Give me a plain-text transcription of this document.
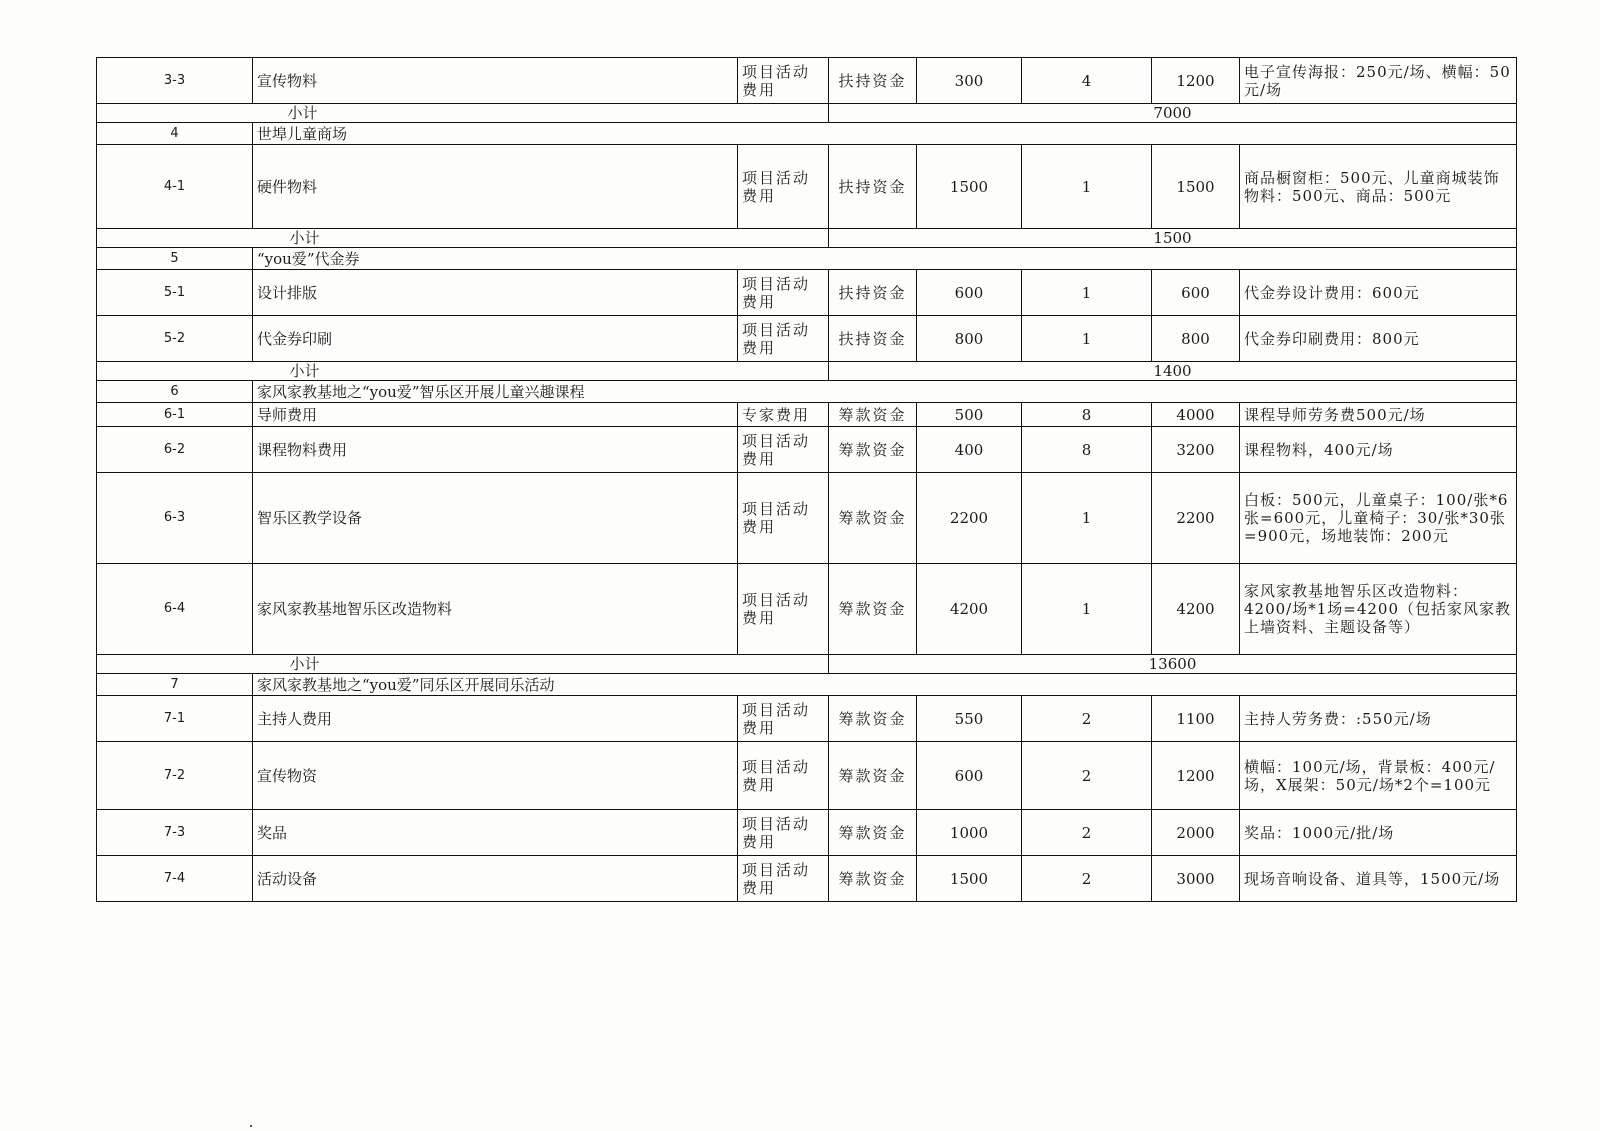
3-3	宣传物料	项目活动费用	扶持资金	300	4	1200	电子宣传海报：250元/场、横幅：50元/场
小计			7000				
4	世埠儿童商场						
4-1	硬件物料	项目活动费用	扶持资金	1500	1	1500	商品橱窗柜：500元、儿童商城装饰物料：500元、商品：500元
小计			1500				
5	“you爱”代金券						
5-1	设计排版	项目活动费用	扶持资金	600	1	600	代金券设计费用：600元
5-2	代金券印刷	项目活动费用	扶持资金	800	1	800	代金券印刷费用：800元
小计			1400				
6	家风家教基地之“you爱”智乐区开展儿童兴趣课程						
6-1	导师费用	专家费用	筹款资金	500	8	4000	课程导师劳务费500元/场
6-2	课程物料费用	项目活动费用	筹款资金	400	8	3200	课程物料，400元/场
6-3	智乐区教学设备	项目活动费用	筹款资金	2200	1	2200	白板：500元，儿童桌子：100/张*6张=600元，儿童椅子：30/张*30张=900元，场地装饰：200元
6-4	家风家教基地智乐区改造物料	项目活动费用	筹款资金	4200	1	4200	家风家教基地智乐区改造物料：4200/场*1场=4200（包括家风家教上墙资料、主题设备等）
小计			13600				
7	家风家教基地之“you爱”同乐区开展同乐活动						
7-1	主持人费用	项目活动费用	筹款资金	550	2	1100	主持人劳务费：:550元/场
7-2	宣传物资	项目活动费用	筹款资金	600	2	1200	横幅：100元/场，背景板：400元/场，X展架：50元/场*2个=100元
7-3	奖品	项目活动费用	筹款资金	1000	2	2000	奖品：1000元/批/场
7-4	活动设备	项目活动费用	筹款资金	1500	2	3000	现场音响设备、道具等，1500元/场
